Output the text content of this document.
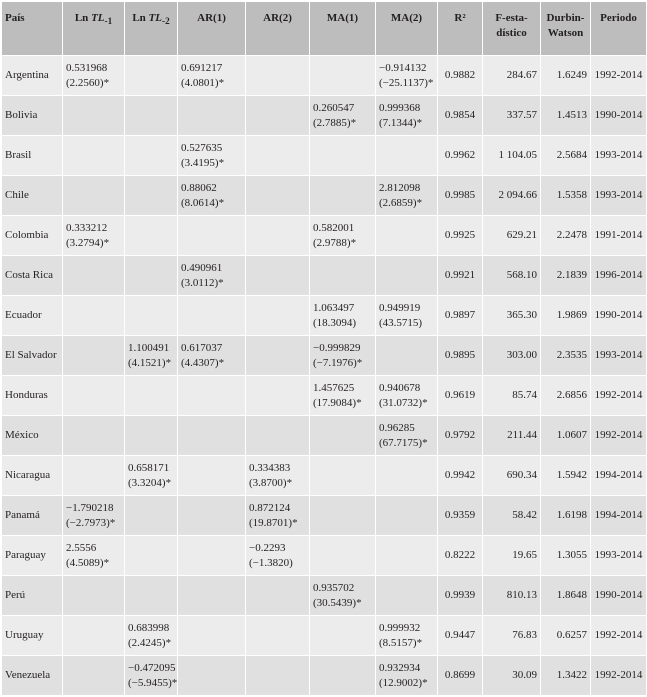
País	Ln $TL_{-1}$	Ln $TL_{-2}$	AR(1)	AR(2)	MA(1)	MA(2)	R²	F-esta-
dístico	Durbin-
Watson	Periodo
Argentina	0.531968
(2.2560)*		0.691217
(4.0801)*			−0.914132
(−25.1137)*	0.9882	284.67	1.6249	1992-2014
Bolivia					0.260547
(2.7885)*	0.999368
(7.1344)*	0.9854	337.57	1.4513	1990-2014
Brasil			0.527635
(3.4195)*				0.9962	1 104.05	2.5684	1993-2014
Chile			0.88062
(8.0614)*			2.812098
(2.6859)*	0.9985	2 094.66	1.5358	1993-2014
Colombia	0.333212
(3.2794)*				0.582001
(2.9788)*		0.9925	629.21	2.2478	1991-2014
Costa Rica			0.490961
(3.0112)*				0.9921	568.10	2.1839	1996-2014
Ecuador					1.063497
(18.3094)	0.949919
(43.5715)	0.9897	365.30	1.9869	1990-2014
El Salvador		1.100491
(4.1521)*	0.617037
(4.4307)*		−0.999829
(−7.1976)*		0.9895	303.00	2.3535	1993-2014
Honduras					1.457625
(17.9084)*	0.940678
(31.0732)*	0.9619	85.74	2.6856	1992-2014
México						0.96285
(67.7175)*	0.9792	211.44	1.0607	1992-2014
Nicaragua		0.658171
(3.3204)*		0.334383
(3.8700)*			0.9942	690.34	1.5942	1994-2014
Panamá	−1.790218
(−2.7973)*			0.872124
(19.8701)*			0.9359	58.42	1.6198	1994-2014
Paraguay	2.5556
(4.5089)*			−0.2293
(−1.3820)			0.8222	19.65	1.3055	1993-2014
Perú					0.935702
(30.5439)*		0.9939	810.13	1.8648	1990-2014
Uruguay		0.683998
(2.4245)*				0.999932
(8.5157)*	0.9447	76.83	0.6257	1992-2014
Venezuela		−0.472095
(−5.9455)*				0.932934
(12.9002)*	0.8699	30.09	1.3422	1992-2014
